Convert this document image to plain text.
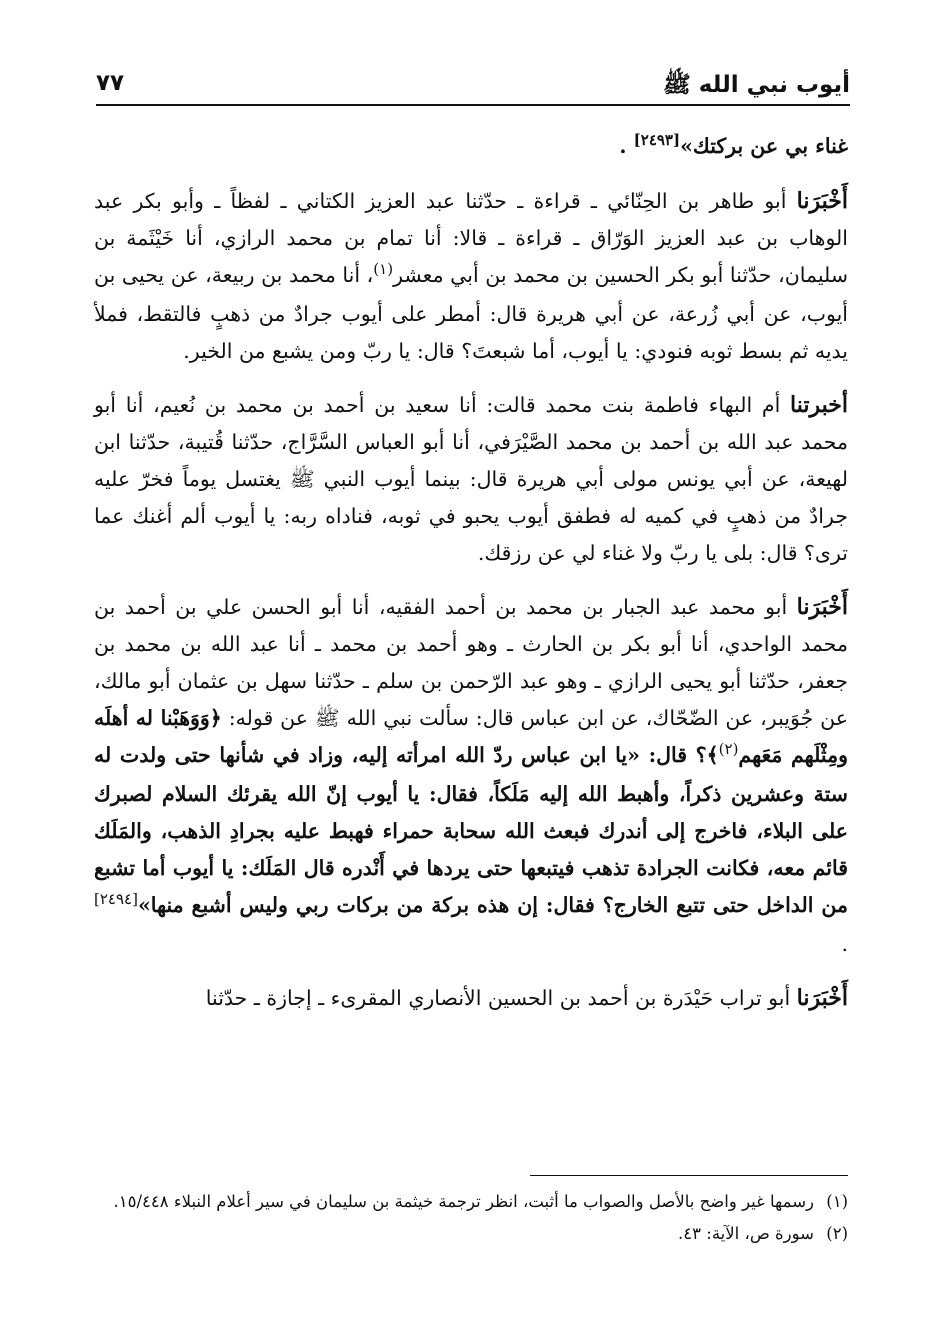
أيوب نبي الله ﷺ
٧٧

غناء بي عن بركتك»[٢٤٩٣] .

أَخْبَرَنا أبو طاهر بن الحِنّائي ـ قراءة ـ حدّثنا عبد العزيز الكتاني ـ لفظاً ـ وأبو بكر عبد الوهاب بن عبد العزيز الوَرّاق ـ قراءة ـ قالا: أنا تمام بن محمد الرازي، أنا خَيْثَمة بن سليمان، حدّثنا أبو بكر الحسين بن محمد بن أبي معشر$^{(١)}$، أنا محمد بن ربيعة، عن يحيى بن أيوب، عن أبي زُرعة، عن أبي هريرة قال: أمطر على أيوب جرادٌ من ذهبٍ فالتقط، فملأ يديه ثم بسط ثوبه فنودي: يا أيوب، أما شبعتَ؟ قال: يا ربّ ومن يشبع من الخير.

أخبرتنا أم البهاء فاطمة بنت محمد قالت: أنا سعيد بن أحمد بن محمد بن نُعيم، أنا أبو محمد عبد الله بن أحمد بن محمد الصَّيْرَفي، أنا أبو العباس السَّرَّاج، حدّثنا قُتيبة، حدّثنا ابن لهيعة، عن أبي يونس مولى أبي هريرة قال: بينما أيوب النبي ﷺ يغتسل يوماً فخرّ عليه جرادٌ من ذهبٍ في كميه له فطفق أيوب يحبو في ثوبه، فناداه ربه: يا أيوب ألم أغنك عما ترى؟ قال: بلى يا ربّ ولا غناء لي عن رزقك.

أَخْبَرَنا أبو محمد عبد الجبار بن محمد بن أحمد الفقيه، أنا أبو الحسن علي بن أحمد بن محمد الواحدي، أنا أبو بكر بن الحارث ـ وهو أحمد بن محمد ـ أنا عبد الله بن محمد بن جعفر، حدّثنا أبو يحيى الرازي ـ وهو عبد الرّحمن بن سلم ـ حدّثنا سهل بن عثمان أبو مالك، عن جُوَيبر، عن الضّحّاك، عن ابن عباس قال: سألت نبي الله ﷺ عن قوله: ﴿وَوَهَبْنا له أهلَه ومِثْلَهم مَعَهم$^{(٢)}$﴾؟ قال: «يا ابن عباس ردّ الله امرأته إليه، وزاد في شأنها حتى ولدت له ستة وعشرين ذكراً، وأهبط الله إليه مَلَكاً، فقال: يا أيوب إنّ الله يقرئك السلام لصبرك على البلاء، فاخرج إلى أندرك فبعث الله سحابة حمراء فهبط عليه بجرادِ الذهب، والمَلَك قائم معه، فكانت الجرادة تذهب فيتبعها حتى يردها في أَنْدره قال المَلَك: يا أيوب أما تشبع من الداخل حتى تتبع الخارج؟ فقال: إن هذه بركة من بركات ربي وليس أشبع منها»[٢٤٩٤] .

أَخْبَرَنا أبو تراب حَيْدَرة بن أحمد بن الحسين الأنصاري المقرىء ـ إجازة ـ حدّثنا

(١)
رسمها غير واضح بالأصل والصواب ما أثبت، انظر ترجمة خيثمة بن سليمان في سير أعلام النبلاء ١٥/٤٤٨.
(٢)
سورة ص، الآية: ٤٣.
